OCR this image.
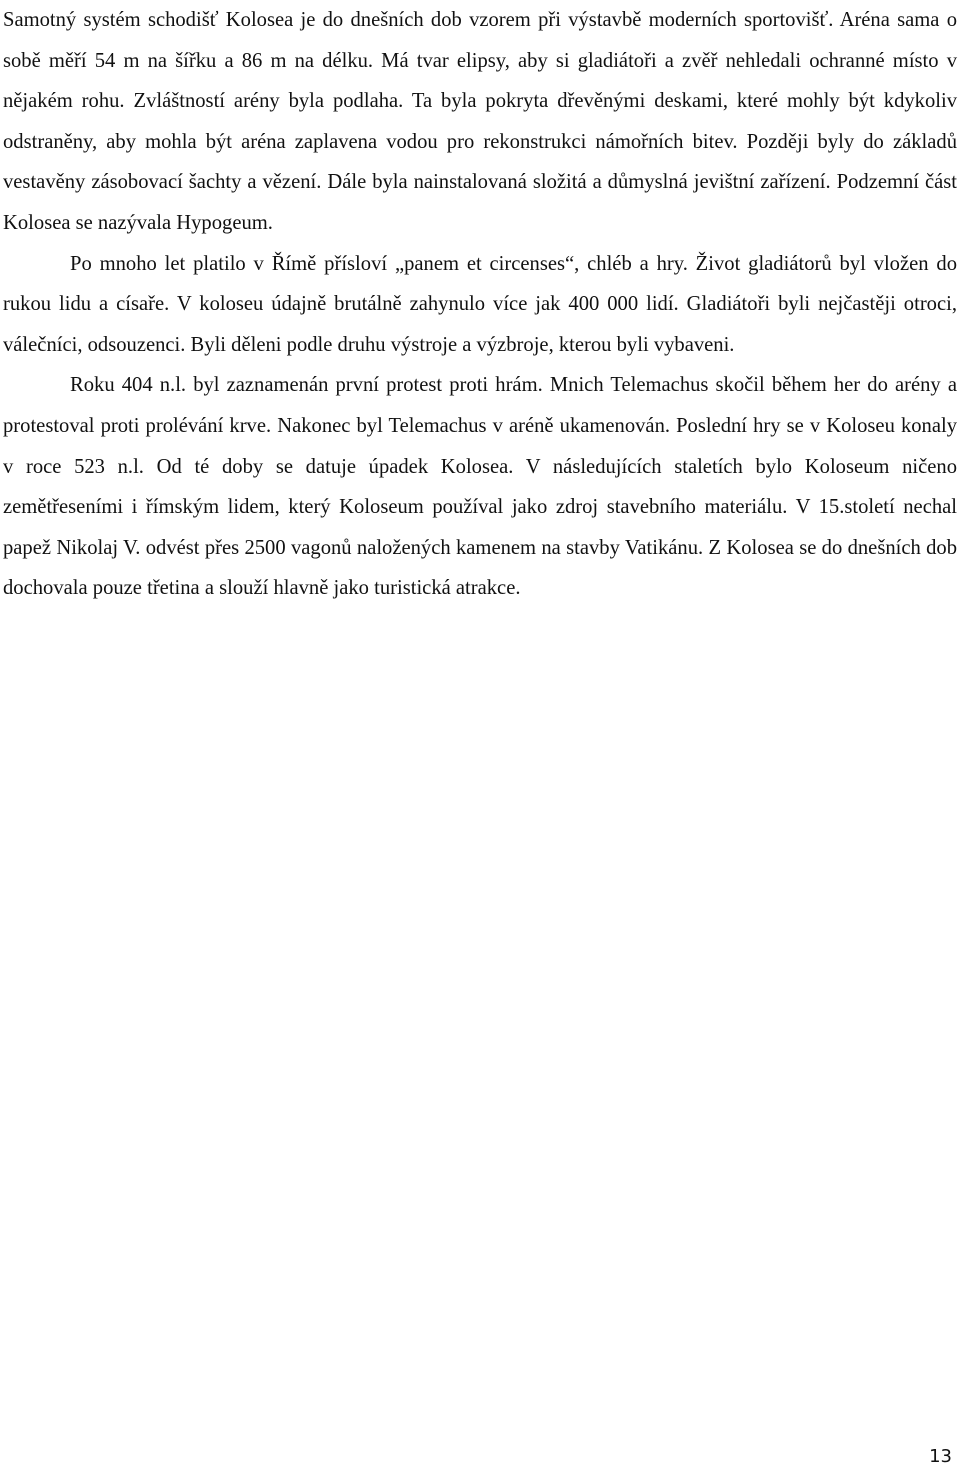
Samotný systém schodišť Kolosea je do dnešních dob vzorem při výstavbě moderních sportovišť. Aréna sama o sobě měří 54 m na šířku a 86 m na délku. Má tvar elipsy, aby si gladiátoři a zvěř nehledali ochranné místo v nějakém rohu. Zvláštností arény byla podlaha. Ta byla pokryta dřevěnými deskami, které mohly být kdykoliv odstraněny, aby mohla být aréna zaplavena vodou pro rekonstrukci námořních bitev. Později byly do základů vestavěny zásobovací šachty a vězení. Dále byla nainstalovaná složitá a důmyslná jevištní zařízení. Podzemní část Kolosea se nazývala Hypogeum.

Po mnoho let platilo v Římě přísloví „panem et circenses“, chléb a hry. Život gladiátorů byl vložen do rukou lidu a císaře. V koloseu údajně brutálně zahynulo více jak 400 000 lidí. Gladiátoři byli nejčastěji otroci, válečníci, odsouzenci. Byli děleni podle druhu výstroje a výzbroje, kterou byli vybaveni.

Roku 404 n.l. byl zaznamenán první protest proti hrám. Mnich Telemachus skočil během her do arény a protestoval proti prolévání krve. Nakonec byl Telemachus v aréně ukamenován. Poslední hry se v Koloseu konaly v roce 523 n.l. Od té doby se datuje úpadek Kolosea. V následujících staletích bylo Koloseum ničeno zemětřeseními i římským lidem, který Koloseum používal jako zdroj stavebního materiálu. V 15.století nechal papež Nikolaj V. odvést přes 2500 vagonů naložených kamenem na stavby Vatikánu. Z Kolosea se do dnešních dob dochovala pouze třetina a slouží hlavně jako turistická atrakce.

13
